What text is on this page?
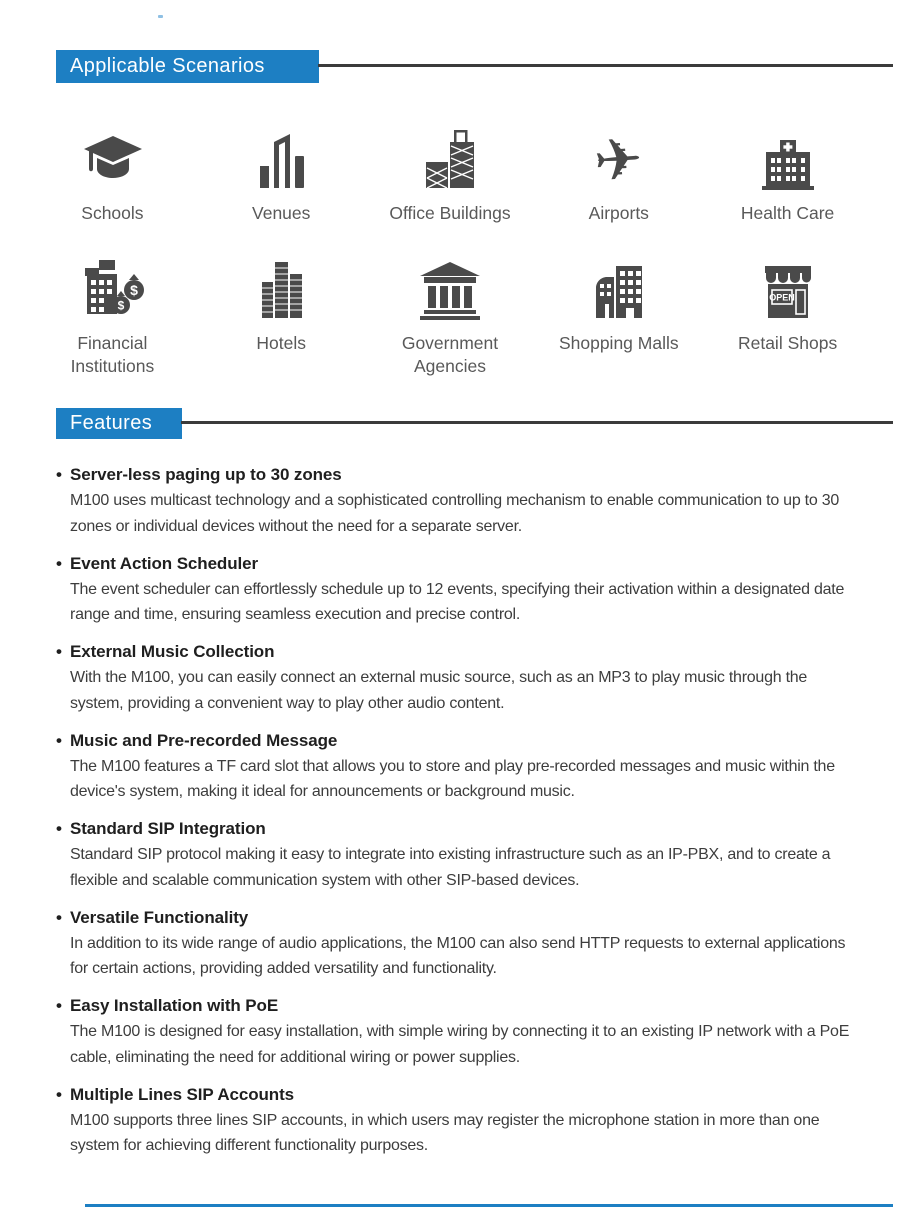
Applicable Scenarios
Schools	Venues	Office Buildings
✈
Airports	Health Care
$
$
Financial Institutions
Hotels	Government Agencies
Shopping Malls
OPEN
Retail Shops
Features
• Server-less paging up to 30 zones
M100 uses multicast technology and a sophisticated controlling mechanism to enable communication to up to 30 zones or individual devices without the need for a separate server.
• Event Action Scheduler
The event scheduler can effortlessly schedule up to 12 events, specifying their activation within a designated date range and time, ensuring seamless execution and precise control.
• External Music Collection
With the M100, you can easily connect an external music source, such as an MP3 to play music through the system, providing a convenient way to play other audio content.
• Music and Pre-recorded Message
The M100 features a TF card slot that allows you to store and play pre-recorded messages and music within the device's system, making it ideal for announcements or background music.
• Standard SIP Integration
Standard SIP protocol making it easy to integrate into existing infrastructure such as an IP-PBX, and to create a flexible and scalable communication system with other SIP-based devices.
• Versatile Functionality
In addition to its wide range of audio applications, the M100 can also send HTTP requests to external applications for certain actions, providing added versatility and functionality.
• Easy Installation with PoE
The M100 is designed for easy installation, with simple wiring by connecting it to an existing IP network with a PoE cable, eliminating the need for additional wiring or power supplies.
• Multiple Lines SIP Accounts
M100 supports three lines SIP accounts, in which users may register the microphone station in more than one system for achieving different functionality purposes.
